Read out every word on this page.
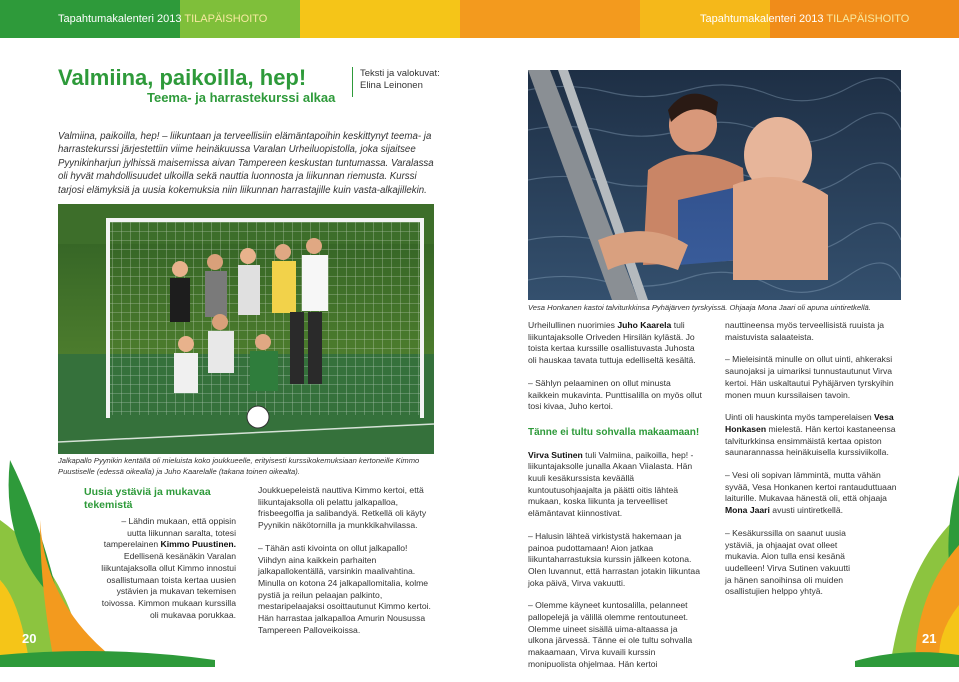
Tapahtumakalenteri 2013 TILAPÄISHOITO	Tapahtumakalenteri 2013 TILAPÄISHOITO
Valmiina, paikoilla, hep!
Teema- ja harrastekurssi alkaa
Teksti ja valokuvat:
Elina Leinonen
Valmiina, paikoilla, hep! – liikuntaan ja terveellisiin elämäntapoihin keskittynyt teema- ja harrastekurssi järjestettiin viime heinäkuussa Varalan Urheiluopistolla, joka sijaitsee Pyynikinharjun jylhissä maisemissa aivan Tampereen keskustan tuntumassa. Varalassa oli hyvät mahdollisuudet ulkoilla sekä nauttia luonnosta ja liikunnan riemusta. Kurssi tarjosi elämyksiä ja uusia kokemuksia niin liikunnan harrastajille kuin vasta-alkajillekin.
Jalkapallo Pyynikin kentällä oli mieluista koko joukkueelle, erityisesti kurssikokemuksiaan kertoneille Kimmo Puustiselle (edessä oikealla) ja Juho Kaarelalle (takana toinen oikealta).
Vesa Honkanen kastoi talviturkkinsa Pyhäjärven tyrskyissä. Ohjaaja Mona Jaari oli apuna uintiretkellä.
20	21
Uusia ystäviä ja mukavaa tekemistä
– Lähdin mukaan, että oppisin uutta liikunnan saralta, totesi tamperelainen Kimmo Puustinen. Edellisenä kesänäkin Varalan liikuntajaksolla ollut Kimmo innostui osallistumaan toista kertaa uusien ystävien ja mukavan tekemisen toivossa. Kimmon mukaan kurssilla oli mukavaa porukkaa.

Joukkuepeleistä nauttiva Kimmo kertoi, että liikuntajaksolla oli pelattu jalkapalloa, frisbeegolfia ja salibandyä. Retkellä oli käyty Pyynikin näkötornilla ja munkkikahvilassa.

– Tähän asti kivointa on ollut jalkapallo! Viihdyn aina kaikkein parhaiten jalkapallokentällä, varsinkin maalivahtina. Minulla on kotona 24 jalkapallomitalia, kolme pystiä ja reilun pelaajan palkinto, mestaripelaajaksi osoittautunut Kimmo kertoi. Hän harrastaa jalkapalloa Amurin Nousussa Tampereen Palloveikoissa.

Urheilullinen nuorimies Juho Kaarela tuli liikuntajaksolle Oriveden Hirsilän kylästä. Jo toista kertaa kurssille osallistuvasta Juhosta oli hauskaa tavata tuttuja edelliseltä kesältä.

– Sählyn pelaaminen on ollut minusta kaikkein mukavinta. Punttisalilla on myös ollut tosi kivaa, Juho kertoi.

Tänne ei tultu sohvalla makaamaan!

Virva Sutinen tuli Valmiina, paikoilla, hep! -liikuntajaksolle junalla Akaan Viialasta. Hän kuuli kesäkurssista keväällä kuntoutusohjaajalta ja päätti oitis lähteä mukaan, koska liikunta ja terveelliset elämäntavat kiinnostivat.

– Halusin lähteä virkistystä hakemaan ja painoa pudottamaan! Aion jatkaa liikuntaharrastuksia kurssin jälkeen kotona. Olen luvannut, että harrastan jotakin liikuntaa joka päivä, Virva vakuutti.

– Olemme käyneet kuntosalilla, pelanneet pallopelejä ja välillä olemme rentoutuneet. Olemme uineet sisällä uima-altaassa ja ulkona järvessä. Tänne ei ole tultu sohvalla makaamaan, Virva kuvaili kurssin monipuolista ohjelmaa. Hän kertoi

nauttineensa myös terveellisistä ruuista ja maistuvista salaateista.

– Mieleisintä minulle on ollut uinti, ahkeraksi saunojaksi ja uimariksi tunnustautunut Virva kertoi. Hän uskaltautui Pyhäjärven tyrskyihin monen muun kurssilaisen tavoin.

Uinti oli hauskinta myös tamperelaisen Vesa Honkasen mielestä. Hän kertoi kastaneensa talviturkkinsa ensimmäistä kertaa opiston saunarannassa heinäkuisella kurssiviikolla.

– Vesi oli sopivan lämmintä, mutta vähän syvää, Vesa Honkanen kertoi rantauduttuaan laiturille. Mukavaa hänestä oli, että ohjaaja Mona Jaari avusti uintiretkellä.

– Kesäkurssilla on saanut uusia ystäviä, ja ohjaajat ovat olleet mukavia. Aion tulla ensi kesänä uudelleen! Virva Sutinen vakuutti ja hänen sanoihinsa oli muiden osallistujien helppo yhtyä.
